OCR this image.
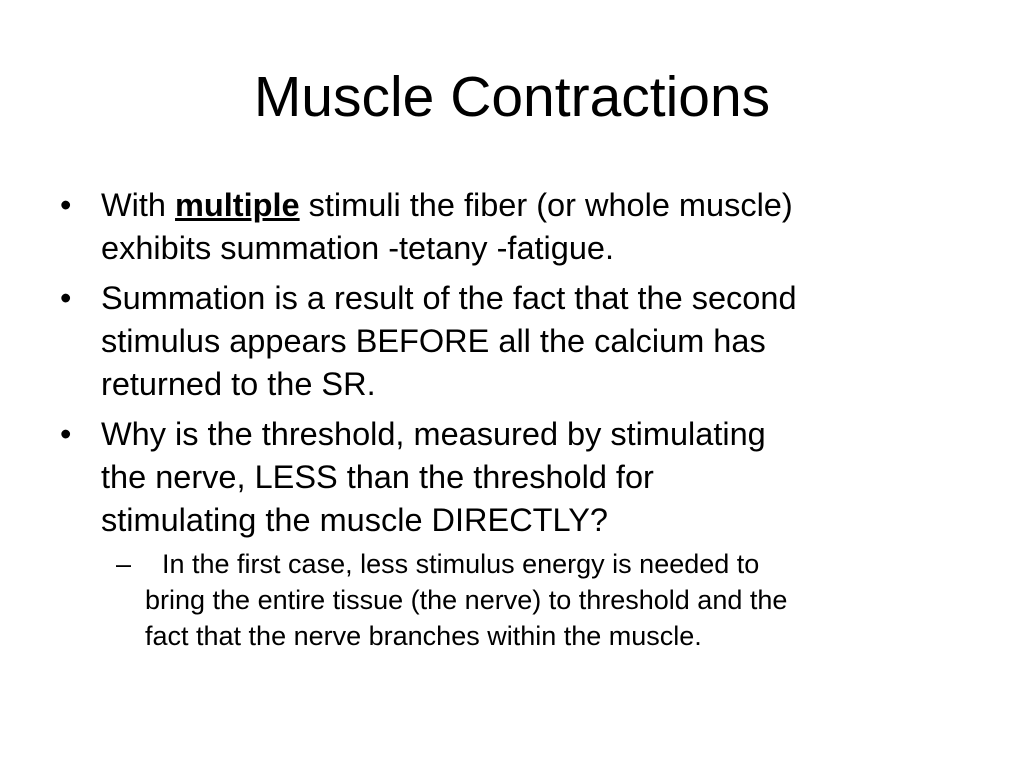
Muscle Contractions
• With multiple stimuli the fiber (or whole muscle)
exhibits summation -tetany -fatigue.
• Summation is a result of the fact that the second
stimulus appears BEFORE all the calcium has
returned to the SR.
• Why is the threshold, measured by stimulating
the nerve, LESS than the threshold for
stimulating the muscle DIRECTLY?
–	In the first case, less stimulus energy is needed to
bring the entire tissue (the nerve) to threshold and the
fact that the nerve branches within the muscle.
